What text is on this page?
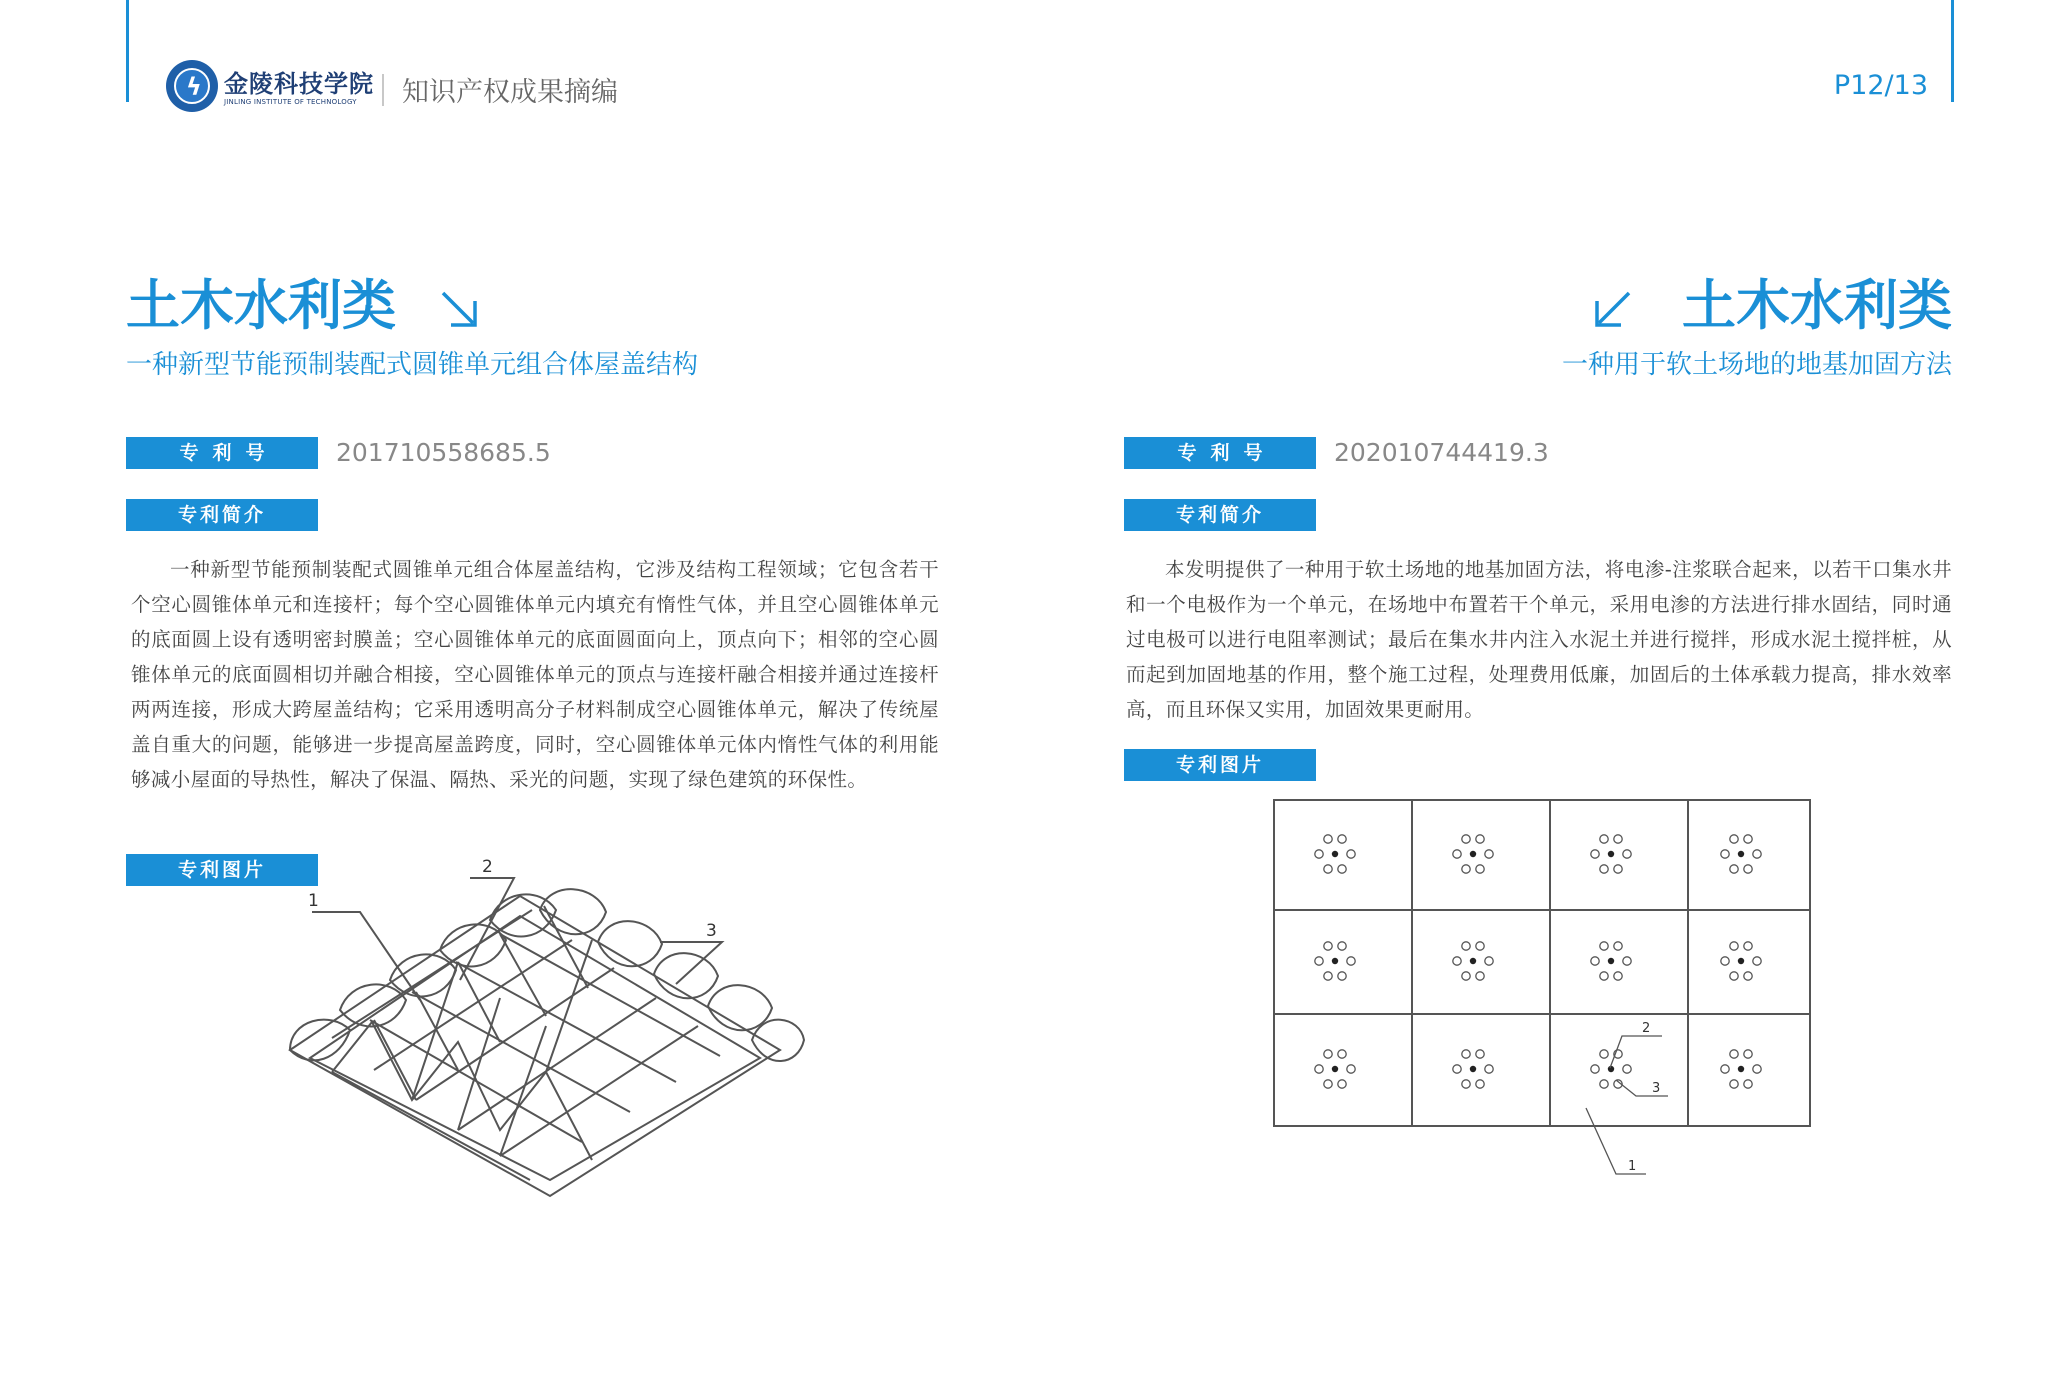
ϟ 金陵科技学院
JINLING INSTITUTE OF TECHNOLOGY 知识产权成果摘编	P12/13
土木水利类
一种新型节能预制装配式圆锥单元组合体屋盖结构
专利号	201710558685.5
专利简介
一种新型节能预制装配式圆锥单元组合体屋盖结构，它涉及结构工程领域；它包含若干个空心圆锥体单元和连接杆；每个空心圆锥体单元内填充有惰性气体，并且空心圆锥体单元的底面圆上设有透明密封膜盖；空心圆锥体单元的底面圆面向上，顶点向下；相邻的空心圆锥体单元的底面圆相切并融合相接，空心圆锥体单元的顶点与连接杆融合相接并通过连接杆两两连接，形成大跨屋盖结构；它采用透明高分子材料制成空心圆锥体单元，解决了传统屋盖自重大的问题，能够进一步提高屋盖跨度，同时，空心圆锥体单元体内惰性气体的利用能够减小屋面的导热性，解决了保温、隔热、采光的问题，实现了绿色建筑的环保性。
专利图片
1
2
3
土木水利类
一种用于软土场地的地基加固方法
专利号	202010744419.3
专利简介
本发明提供了一种用于软土场地的地基加固方法，将电渗-注浆联合起来，以若干口集水井和一个电极作为一个单元，在场地中布置若干个单元，采用电渗的方法进行排水固结，同时通过电极可以进行电阻率测试；最后在集水井内注入水泥土并进行搅拌，形成水泥土搅拌桩，从而起到加固地基的作用，整个施工过程，处理费用低廉，加固后的土体承载力提高，排水效率高，而且环保又实用，加固效果更耐用。
专利图片
2
3
1
